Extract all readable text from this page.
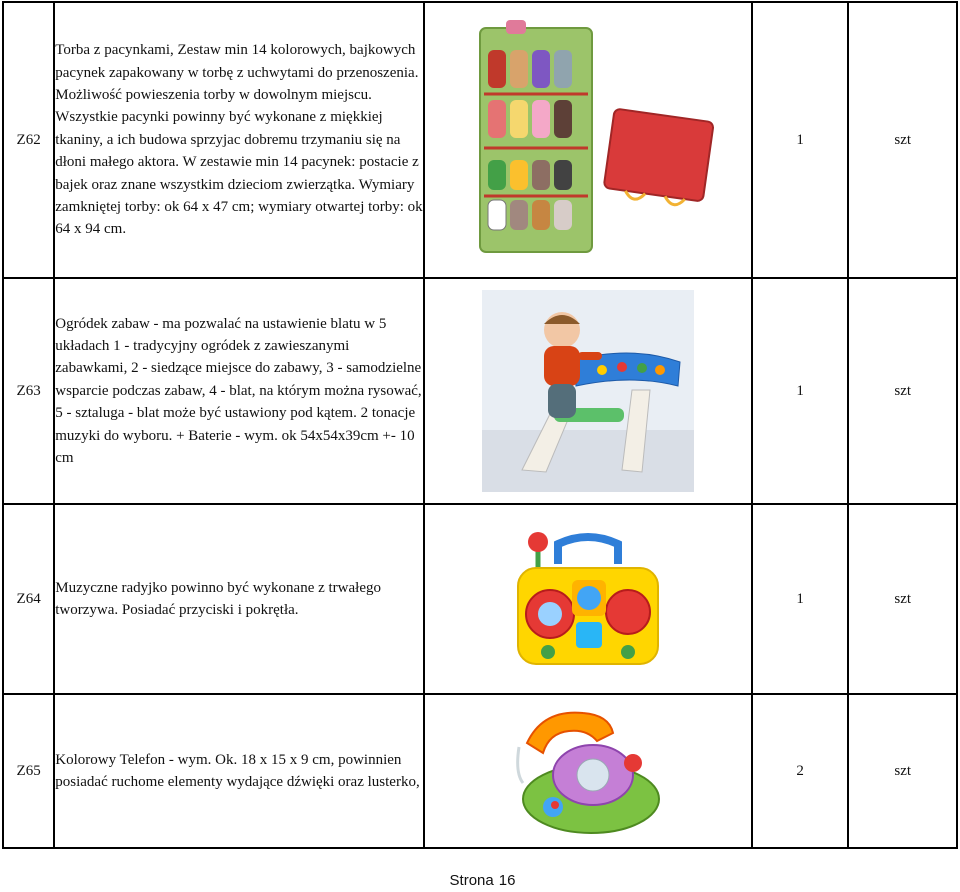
Z62	Torba z pacynkami, Zestaw min 14 kolorowych, bajkowych pacynek zapakowany w torbę z uchwytami do przenoszenia. Możliwość powieszenia torby w dowolnym miejscu. Wszystkie pacynki powinny być wykonane z miękkiej tkaniny, a ich budowa sprzyjac dobremu trzymaniu się na dłoni małego aktora. W zestawie min 14 pacynek: postacie z bajek oraz znane wszystkim dzieciom zwierzątka. Wymiary zamkniętej torby: ok 64 x 47 cm; wymiary otwartej torby: ok 64 x 94 cm.		1	szt
Z63	Ogródek zabaw - ma pozwalać na ustawienie blatu w 5 układach 1 - tradycyjny ogródek z zawieszanymi zabawkami, 2 - siedzące miejsce do zabawy, 3 - samodzielne wsparcie podczas zabaw, 4 - blat, na którym można rysować, 5 - sztaluga - blat może być ustawiony pod kątem. 2 tonacje muzyki do wyboru. + Baterie - wym. ok 54x54x39cm +- 10 cm		1	szt
Z64	Muzyczne radyjko powinno być wykonane z trwałego tworzywa. Posiadać przyciski i pokrętła.		1	szt
Z65	Kolorowy Telefon - wym. Ok. 18 x 15 x 9 cm, powinnien posiadać ruchome elementy wydające dźwięki oraz lusterko,		2	szt
Strona 16
